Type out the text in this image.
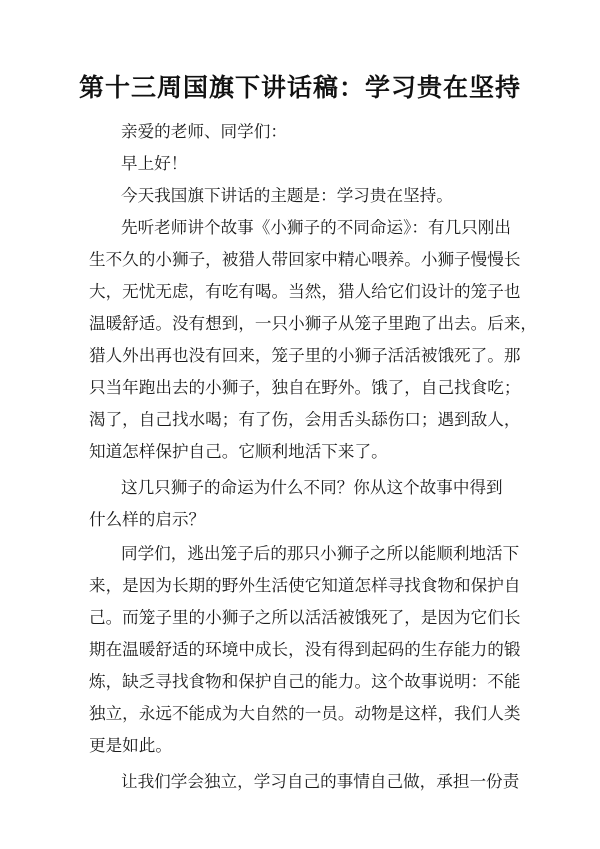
第十三周国旗下讲话稿：学习贵在坚持
亲爱的老师、同学们：
早上好！
今天我国旗下讲话的主题是：学习贵在坚持。
先听老师讲个故事《小狮子的不同命运》：有几只刚出
生不久的小狮子，被猎人带回家中精心喂养。小狮子慢慢长
大，无忧无虑，有吃有喝。当然，猎人给它们设计的笼子也
温暖舒适。没有想到，一只小狮子从笼子里跑了出去。后来，
猎人外出再也没有回来，笼子里的小狮子活活被饿死了。那
只当年跑出去的小狮子，独自在野外。饿了，自己找食吃；
渴了，自己找水喝；有了伤，会用舌头舔伤口；遇到敌人，
知道怎样保护自己。它顺利地活下来了。
这几只狮子的命运为什么不同？你从这个故事中得到
什么样的启示？
同学们，逃出笼子后的那只小狮子之所以能顺利地活下
来，是因为长期的野外生活使它知道怎样寻找食物和保护自
己。而笼子里的小狮子之所以活活被饿死了，是因为它们长
期在温暖舒适的环境中成长，没有得到起码的生存能力的锻
炼，缺乏寻找食物和保护自己的能力。这个故事说明：不能
独立，永远不能成为大自然的一员。动物是这样，我们人类
更是如此。
让我们学会独立，学习自己的事情自己做，承担一份责
